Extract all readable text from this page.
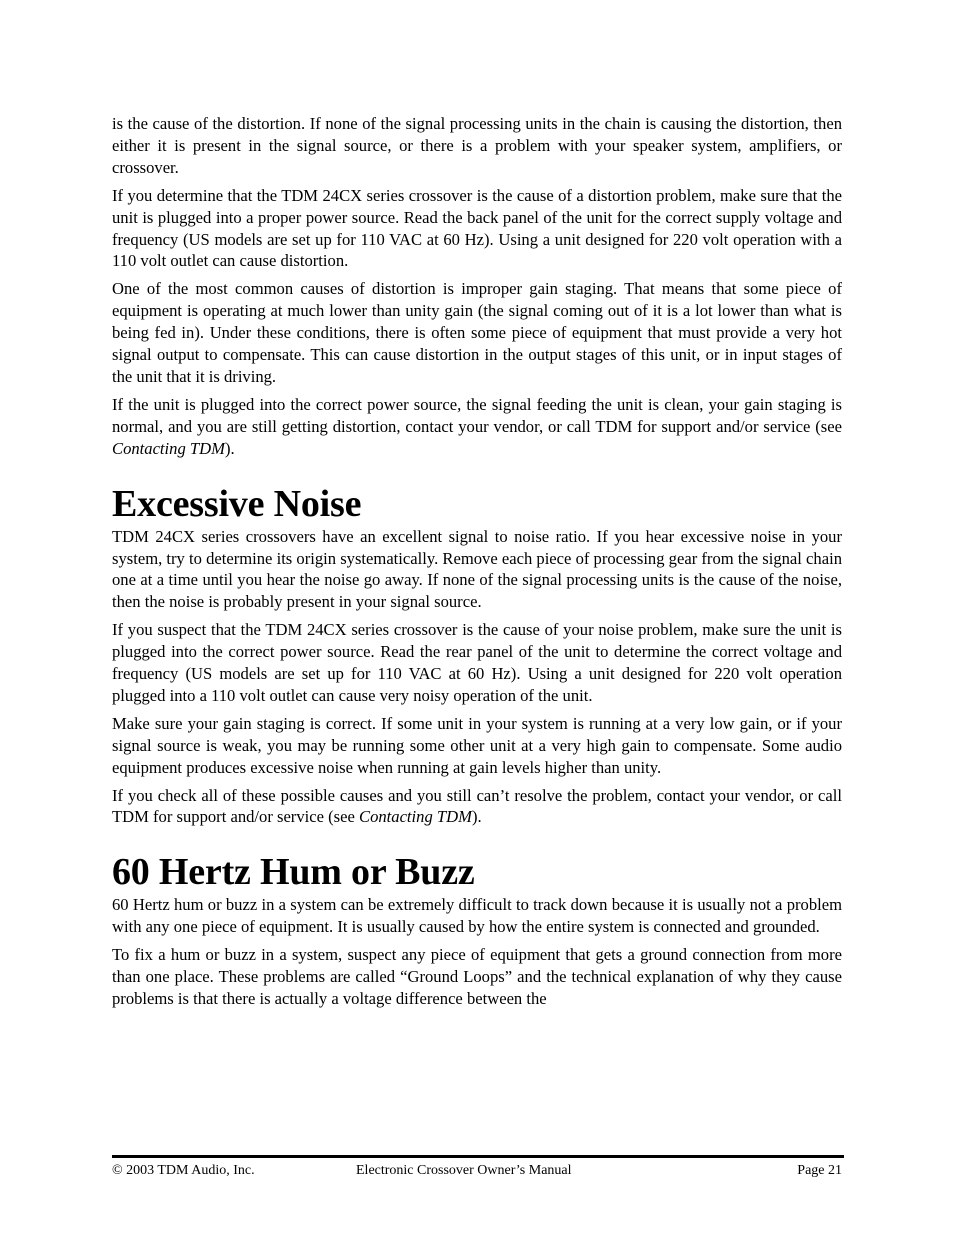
is the cause of the distortion. If none of the signal processing units in the chain is causing the distortion, then either it is present in the signal source, or there is a problem with your speaker system, amplifiers, or crossover.

If you determine that the TDM 24CX series crossover is the cause of a distortion problem, make sure that the unit is plugged into a proper power source. Read the back panel of the unit for the correct supply voltage and frequency (US models are set up for 110 VAC at 60 Hz). Using a unit designed for 220 volt operation with a 110 volt outlet can cause distortion.

One of the most common causes of distortion is improper gain staging. That means that some piece of equipment is operating at much lower than unity gain (the signal coming out of it is a lot lower than what is being fed in). Under these conditions, there is often some piece of equipment that must provide a very hot signal output to compensate. This can cause distortion in the output stages of this unit, or in input stages of the unit that it is driving.

If the unit is plugged into the correct power source, the signal feeding the unit is clean, your gain staging is normal, and you are still getting distortion, contact your vendor, or call TDM for support and/or service (see Contacting TDM).

Excessive Noise

TDM 24CX series crossovers have an excellent signal to noise ratio. If you hear excessive noise in your system, try to determine its origin systematically. Remove each piece of processing gear from the signal chain one at a time until you hear the noise go away. If none of the signal processing units is the cause of the noise, then the noise is probably present in your signal source.

If you suspect that the TDM 24CX series crossover is the cause of your noise problem, make sure the unit is plugged into the correct power source. Read the rear panel of the unit to determine the correct voltage and frequency (US models are set up for 110 VAC at 60 Hz). Using a unit designed for 220 volt operation plugged into a 110 volt outlet can cause very noisy operation of the unit.

Make sure your gain staging is correct. If some unit in your system is running at a very low gain, or if your signal source is weak, you may be running some other unit at a very high gain to compensate. Some audio equipment produces excessive noise when running at gain levels higher than unity.

If you check all of these possible causes and you still can’t resolve the problem, contact your vendor, or call TDM for support and/or service (see Contacting TDM).

60 Hertz Hum or Buzz

60 Hertz hum or buzz in a system can be extremely difficult to track down because it is usually not a problem with any one piece of equipment. It is usually caused by how the entire system is connected and grounded.

To fix a hum or buzz in a system, suspect any piece of equipment that gets a ground connection from more than one place. These problems are called “Ground Loops” and the technical explanation of why they cause problems is that there is actually a voltage difference between the

© 2003 TDM Audio, Inc.	Electronic Crossover Owner’s Manual	Page 21
